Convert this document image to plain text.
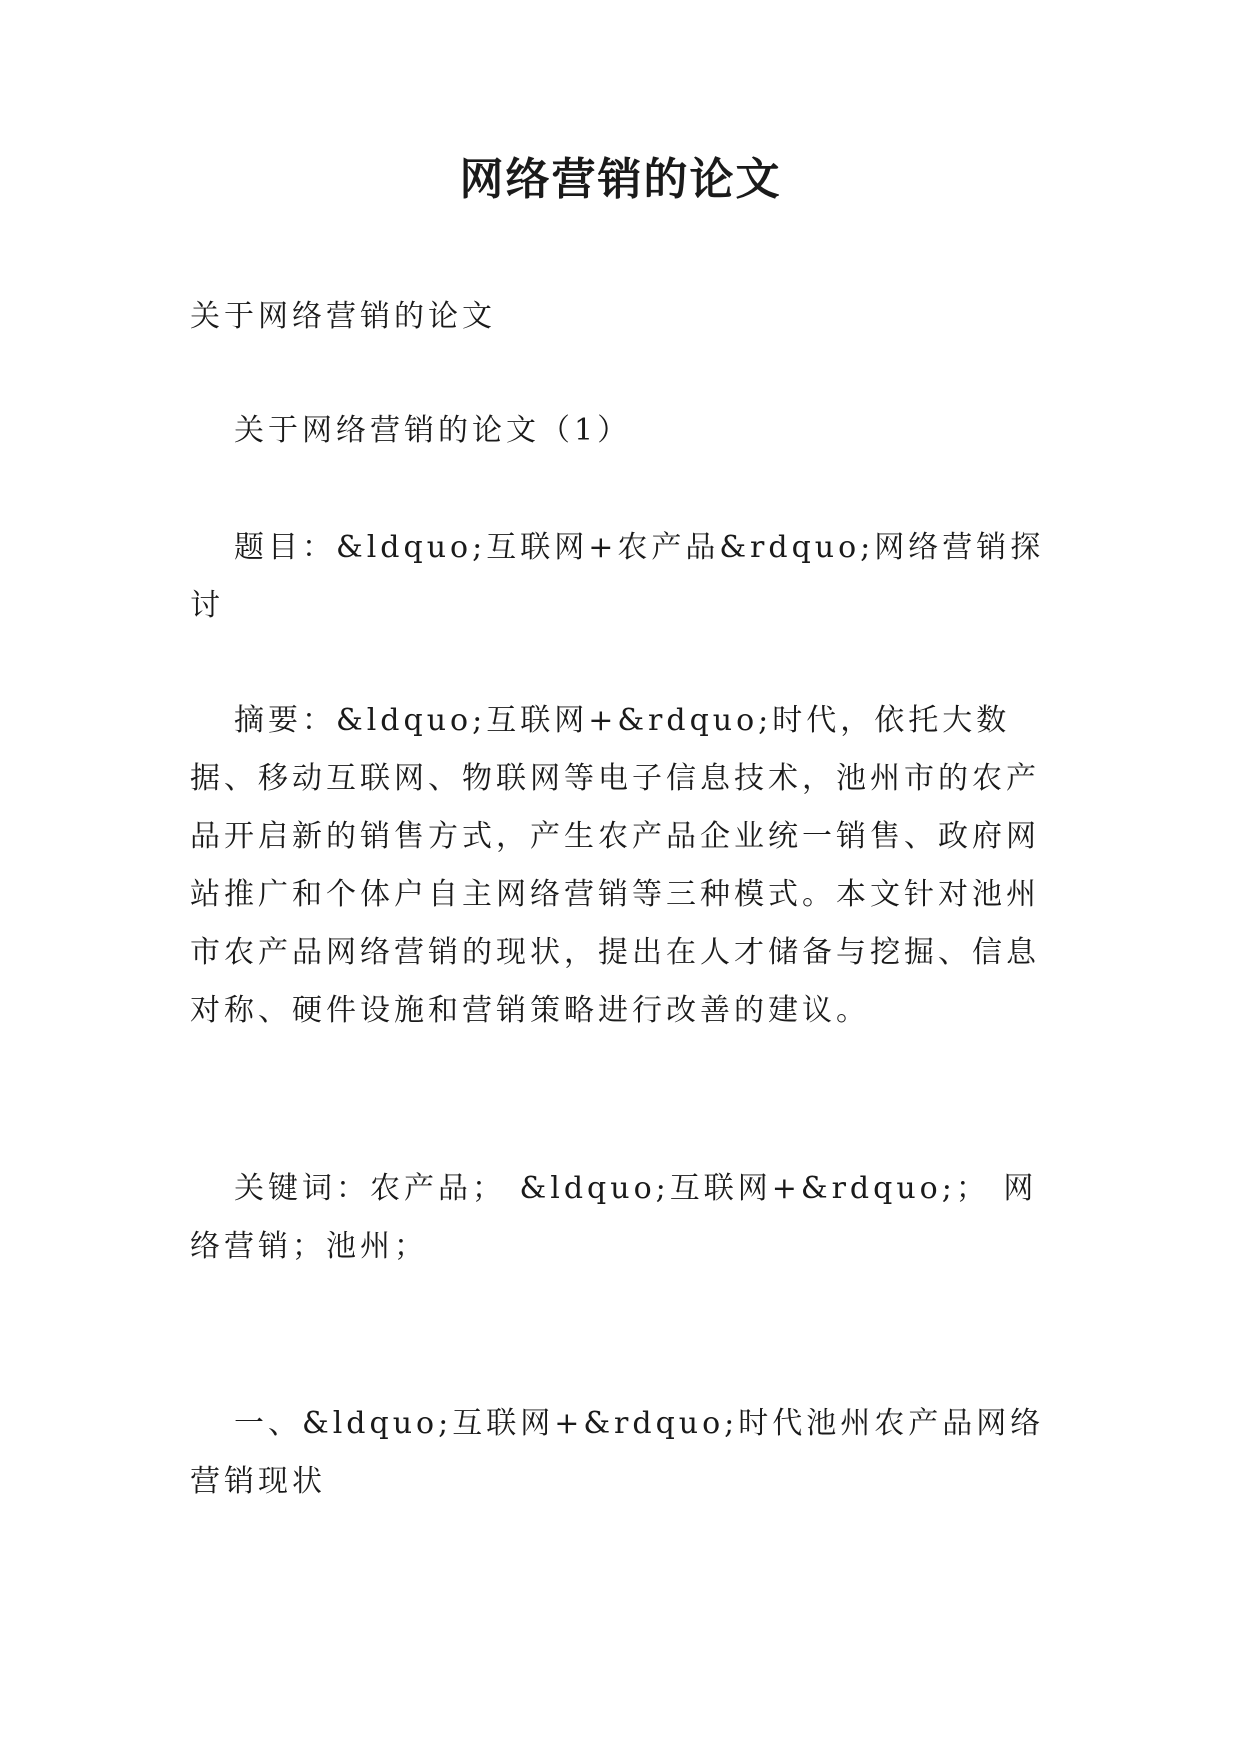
网络营销的论文

关于网络营销的论文

关于网络营销的论文（1）

题目：&ldquo;互联网+农产品&rdquo;网络营销探讨

摘要：&ldquo;互联网+&rdquo;时代，依托大数据、移动互联网、物联网等电子信息技术，池州市的农产品开启新的销售方式，产生农产品企业统一销售、政府网站推广和个体户自主网络营销等三种模式。本文针对池州市农产品网络营销的现状，提出在人才储备与挖掘、信息对称、硬件设施和营销策略进行改善的建议。

关键词：农产品； &ldquo;互联网+&rdquo;； 网络营销；池州；

一、&ldquo;互联网+&rdquo;时代池州农产品网络营销现状
